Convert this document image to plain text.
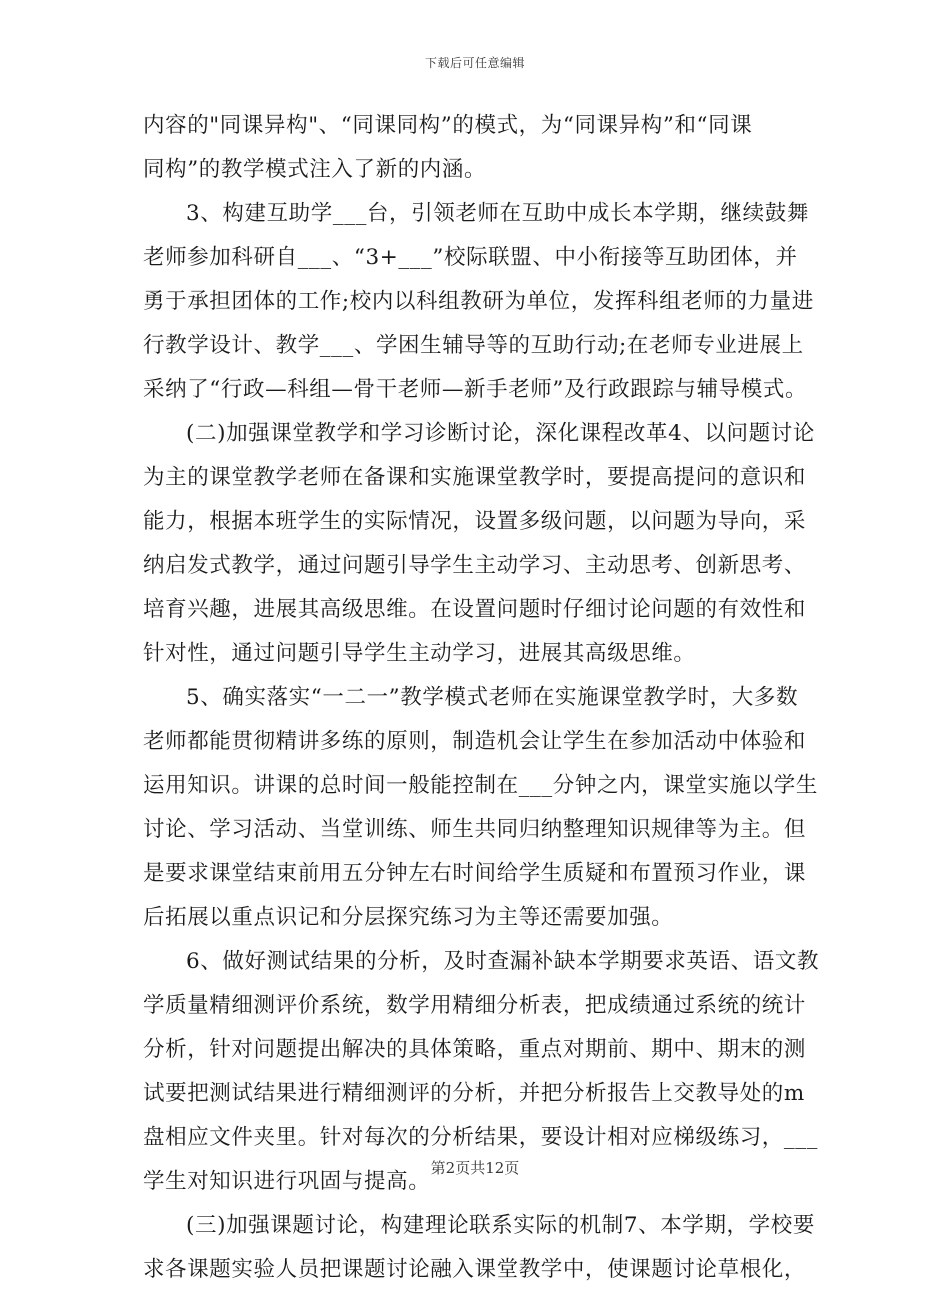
下载后可任意编辑
内容的"同课异构"、“同课同构”的模式，为“同课异构”和“同课
同构”的教学模式注入了新的内涵。
3、构建互助学___台，引领老师在互助中成长本学期，继续鼓舞
老师参加科研自___、“3+___”校际联盟、中小衔接等互助团体，并
勇于承担团体的工作;校内以科组教研为单位，发挥科组老师的力量进
行教学设计、教学___、学困生辅导等的互助行动;在老师专业进展上
采纳了“行政—科组—骨干老师—新手老师”及行政跟踪与辅导模式。
(二)加强课堂教学和学习诊断讨论，深化课程改革4、以问题讨论
为主的课堂教学老师在备课和实施课堂教学时，要提高提问的意识和
能力，根据本班学生的实际情况，设置多级问题，以问题为导向，采
纳启发式教学，通过问题引导学生主动学习、主动思考、创新思考、
培育兴趣，进展其高级思维。在设置问题时仔细讨论问题的有效性和
针对性，通过问题引导学生主动学习，进展其高级思维。
5、确实落实“一二一”教学模式老师在实施课堂教学时，大多数
老师都能贯彻精讲多练的原则，制造机会让学生在参加活动中体验和
运用知识。讲课的总时间一般能控制在___分钟之内，课堂实施以学生
讨论、学习活动、当堂训练、师生共同归纳整理知识规律等为主。但
是要求课堂结束前用五分钟左右时间给学生质疑和布置预习作业，课
后拓展以重点识记和分层探究练习为主等还需要加强。
6、做好测试结果的分析，及时查漏补缺本学期要求英语、语文教
学质量精细测评价系统，数学用精细分析表，把成绩通过系统的统计
分析，针对问题提出解决的具体策略，重点对期前、期中、期末的测
试要把测试结果进行精细测评的分析，并把分析报告上交教导处的m
盘相应文件夹里。针对每次的分析结果，要设计相对应梯级练习，___
学生对知识进行巩固与提高。
(三)加强课题讨论，构建理论联系实际的机制7、本学期，学校要
求各课题实验人员把课题讨论融入课堂教学中，使课题讨论草根化，
第2页共12页
